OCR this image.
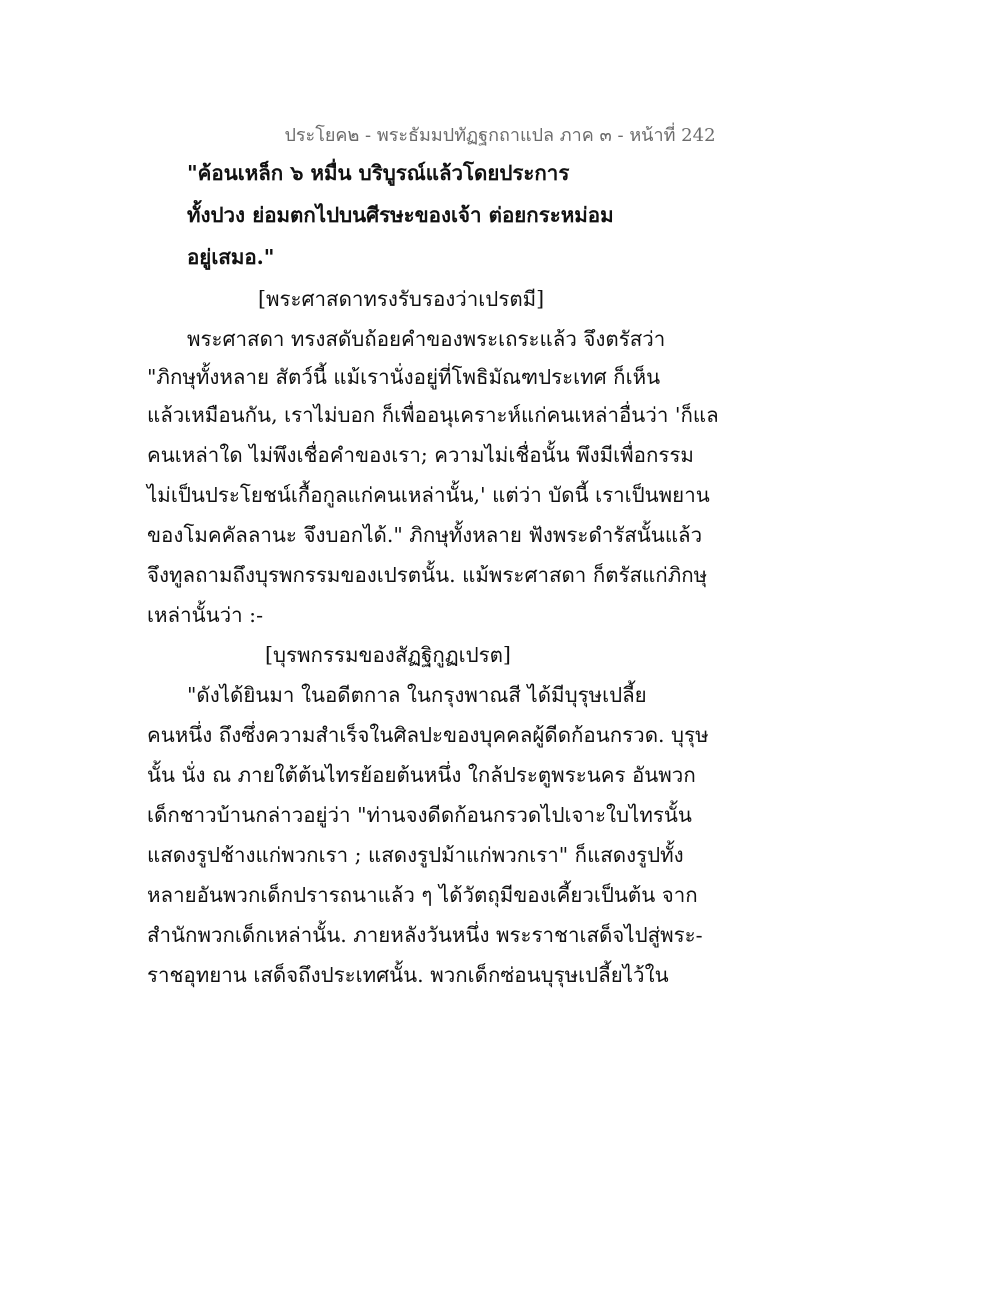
ประโยค๒ - พระธัมมปทัฏฐกถาแปล ภาค ๓ - หน้าที่ 242
"ค้อนเหล็ก ๖ หมื่น บริบูรณ์แล้วโดยประการ
ทั้งปวง ย่อมตกไปบนศีรษะของเจ้า ต่อยกระหม่อม
อยู่เสมอ."
[พระศาสดาทรงรับรองว่าเปรตมี]
พระศาสดา ทรงสดับถ้อยคำของพระเถระแล้ว จึงตรัสว่า
"ภิกษุทั้งหลาย สัตว์นี้ แม้เรานั่งอยู่ที่โพธิมัณฑประเทศ ก็เห็น
แล้วเหมือนกัน, เราไม่บอก ก็เพื่ออนุเคราะห์แก่คนเหล่าอื่นว่า 'ก็แล
คนเหล่าใด ไม่พึงเชื่อคำของเรา; ความไม่เชื่อนั้น พึงมีเพื่อกรรม
ไม่เป็นประโยชน์เกื้อกูลแก่คนเหล่านั้น,' แต่ว่า บัดนี้ เราเป็นพยาน
ของโมคคัลลานะ จึงบอกได้." ภิกษุทั้งหลาย ฟังพระดำรัสนั้นแล้ว
จึงทูลถามถึงบุรพกรรมของเปรตนั้น. แม้พระศาสดา ก็ตรัสแก่ภิกษุ
เหล่านั้นว่า :-
[บุรพกรรมของสัฏฐิกูฏเปรต]
"ดังได้ยินมา ในอดีตกาล ในกรุงพาณสี ได้มีบุรุษเปลี้ย
คนหนึ่ง ถึงซึ่งความสำเร็จในศิลปะของบุคคลผู้ดีดก้อนกรวด. บุรุษ
นั้น นั่ง ณ ภายใต้ต้นไทรย้อยต้นหนึ่ง ใกล้ประตูพระนคร อันพวก
เด็กชาวบ้านกล่าวอยู่ว่า "ท่านจงดีดก้อนกรวดไปเจาะใบไทรนั้น
แสดงรูปช้างแก่พวกเรา ; แสดงรูปม้าแก่พวกเรา" ก็แสดงรูปทั้ง
หลายอันพวกเด็กปรารถนาแล้ว ๆ ได้วัตถุมีของเคี้ยวเป็นต้น จาก
สำนักพวกเด็กเหล่านั้น. ภายหลังวันหนึ่ง พระราชาเสด็จไปสู่พระ-
ราชอุทยาน เสด็จถึงประเทศนั้น. พวกเด็กซ่อนบุรุษเปลี้ยไว้ใน
